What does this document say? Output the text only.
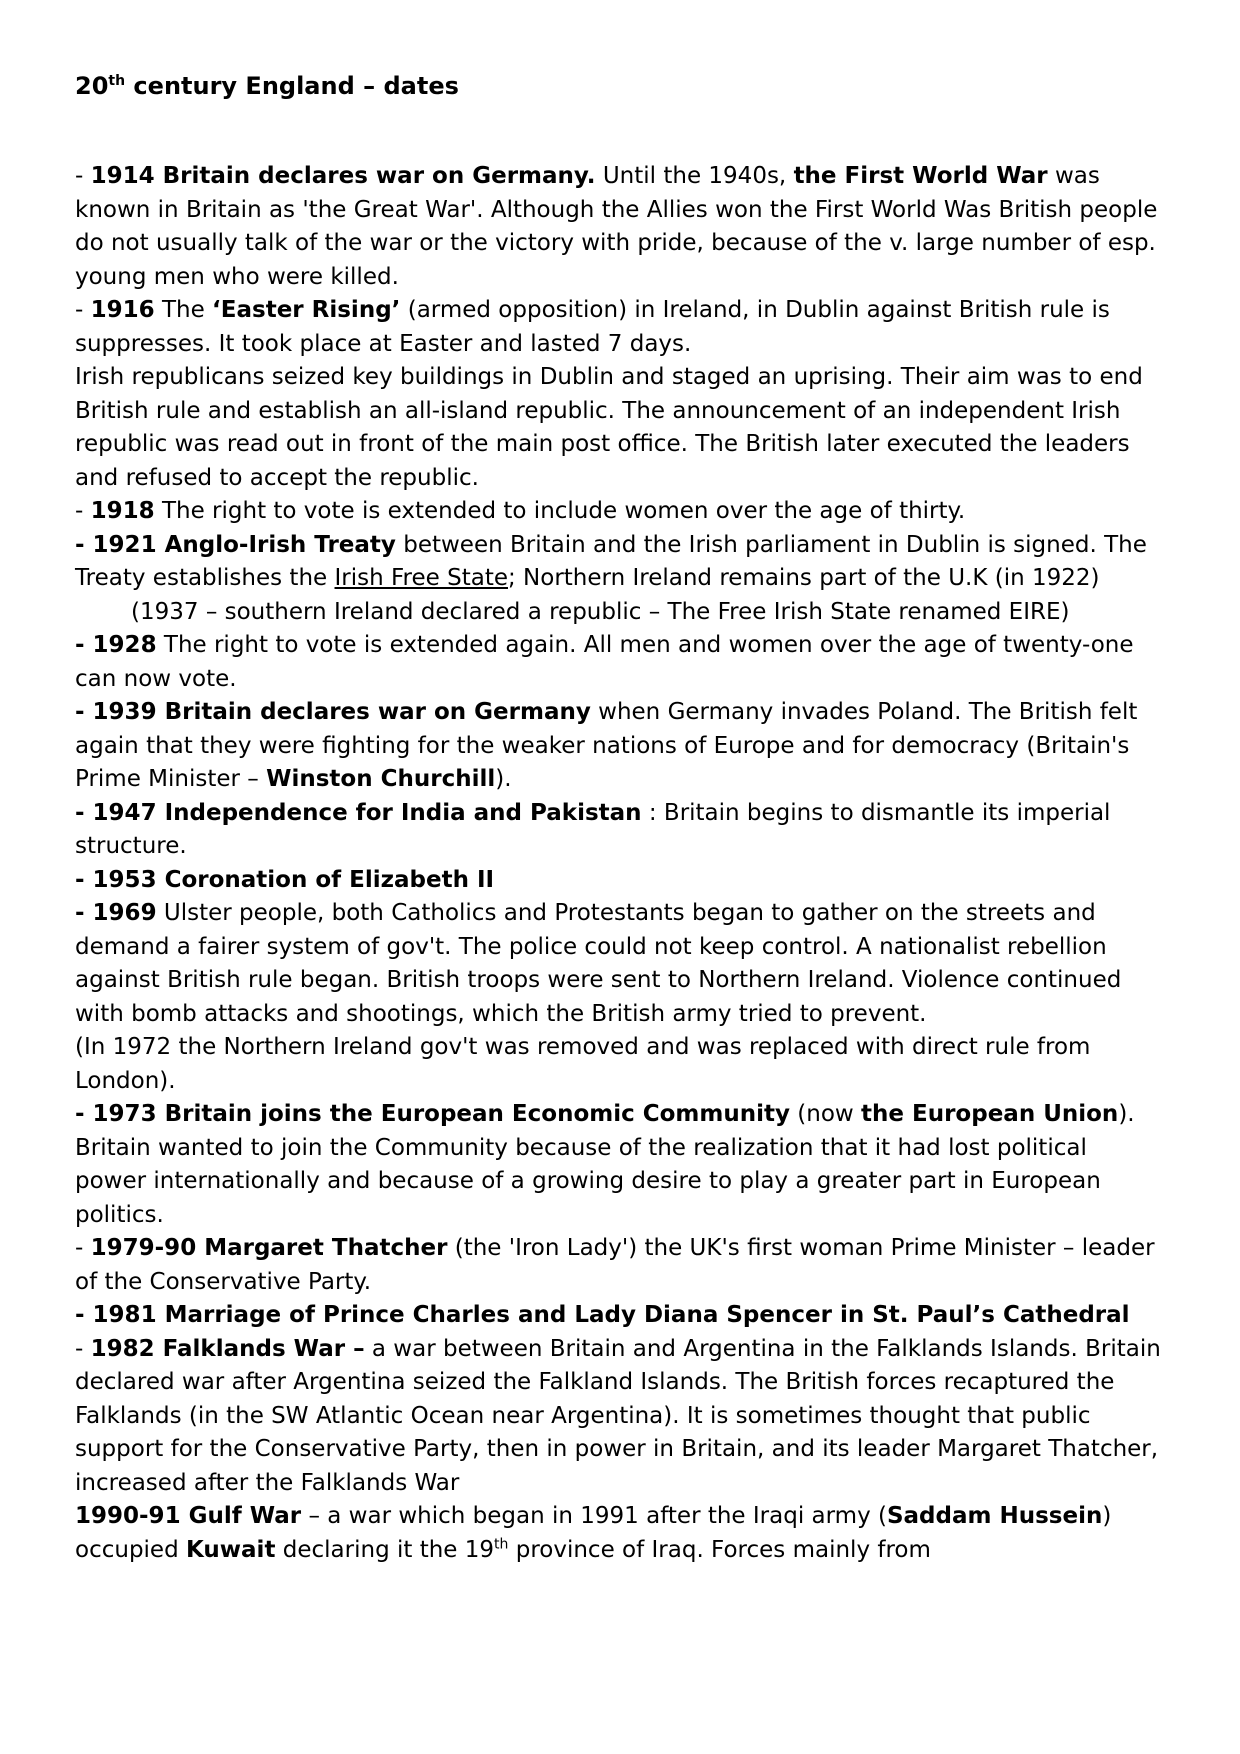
20th century England – dates

- 1914 Britain declares war on Germany. Until the 1940s, the First World War was known in Britain as 'the Great War'. Although the Allies won the First World Was British people do not usually talk of the war or the victory with pride, because of the v. large number of esp. young men who were killed.

- 1916 The ‘Easter Rising’ (armed opposition) in Ireland, in Dublin against British rule is suppresses. It took place at Easter and lasted 7 days.

Irish republicans seized key buildings in Dublin and staged an uprising. Their aim was to end British rule and establish an all-island republic. The announcement of an independent Irish republic was read out in front of the main post office. The British later executed the leaders and refused to accept the republic.

- 1918 The right to vote is extended to include women over the age of thirty.

- 1921 Anglo-Irish Treaty between Britain and the Irish parliament in Dublin is signed. The Treaty establishes the Irish Free State; Northern Ireland remains part of the U.K (in 1922)

(1937 – southern Ireland declared a republic – The Free Irish State renamed EIRE)

- 1928 The right to vote is extended again. All men and women over the age of twenty-one can now vote.

- 1939 Britain declares war on Germany when Germany invades Poland. The British felt again that they were fighting for the weaker nations of Europe and for democracy (Britain's Prime Minister – Winston Churchill).

- 1947 Independence for India and Pakistan : Britain begins to dismantle its imperial structure.

- 1953 Coronation of Elizabeth II

- 1969 Ulster people, both Catholics and Protestants began to gather on the streets and demand a fairer system of gov't. The police could not keep control. A nationalist rebellion against British rule began. British troops were sent to Northern Ireland. Violence continued with bomb attacks and shootings, which the British army tried to prevent.

(In 1972 the Northern Ireland gov't was removed and was replaced with direct rule from London).

- 1973 Britain joins the European Economic Community (now the European Union). Britain wanted to join the Community because of the realization that it had lost political power internationally and because of a growing desire to play a greater part in European politics.

- 1979-90 Margaret Thatcher (the 'Iron Lady') the UK's first woman Prime Minister – leader of the Conservative Party.

- 1981 Marriage of Prince Charles and Lady Diana Spencer in St. Paul’s Cathedral

- 1982 Falklands War – a war between Britain and Argentina in the Falklands Islands. Britain declared war after Argentina seized the Falkland Islands. The British forces recaptured the Falklands (in the SW Atlantic Ocean near Argentina). It is sometimes thought that public support for the Conservative Party, then in power in Britain, and its leader Margaret Thatcher, increased after the Falklands War

1990-91 Gulf War – a war which began in 1991 after the Iraqi army (Saddam Hussein) occupied Kuwait declaring it the 19th province of Iraq. Forces mainly from
